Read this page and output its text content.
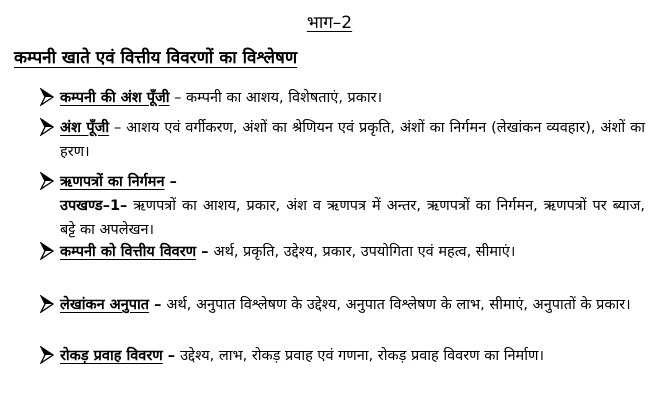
भाग–2
कम्पनी खाते एवं वित्तीय विवरणों का विश्लेषण
कम्पनी की अंश पूँजी – कम्पनी का आशय, विशेषताएं, प्रकार।
अंश पूँजी – आशय एवं वर्गीकरण, अंशों का श्रेणियन एवं प्रकृति, अंशों का निर्गमन (लेखांकन व्यवहार), अंशों का हरण।
ऋणपत्रों का निर्गमन –
उपखण्ड–1– ऋणपत्रों का आशय, प्रकार, अंश व ऋणपत्र में अन्तर, ऋणपत्रों का निर्गमन, ऋणपत्रों पर ब्याज, बट्टे का अपलेखन।
कम्पनी को वित्तीय विवरण – अर्थ, प्रकृति, उद्देश्य, प्रकार, उपयोगिता एवं महत्व, सीमाएं।
लेखांकन अनुपात – अर्थ, अनुपात विश्लेषण के उद्देश्य, अनुपात विश्लेषण के लाभ, सीमाएं, अनुपातों के प्रकार।
रोकड़ प्रवाह विवरण – उद्देश्य, लाभ, रोकड़ प्रवाह एवं गणना, रोकड़ प्रवाह विवरण का निर्माण।
